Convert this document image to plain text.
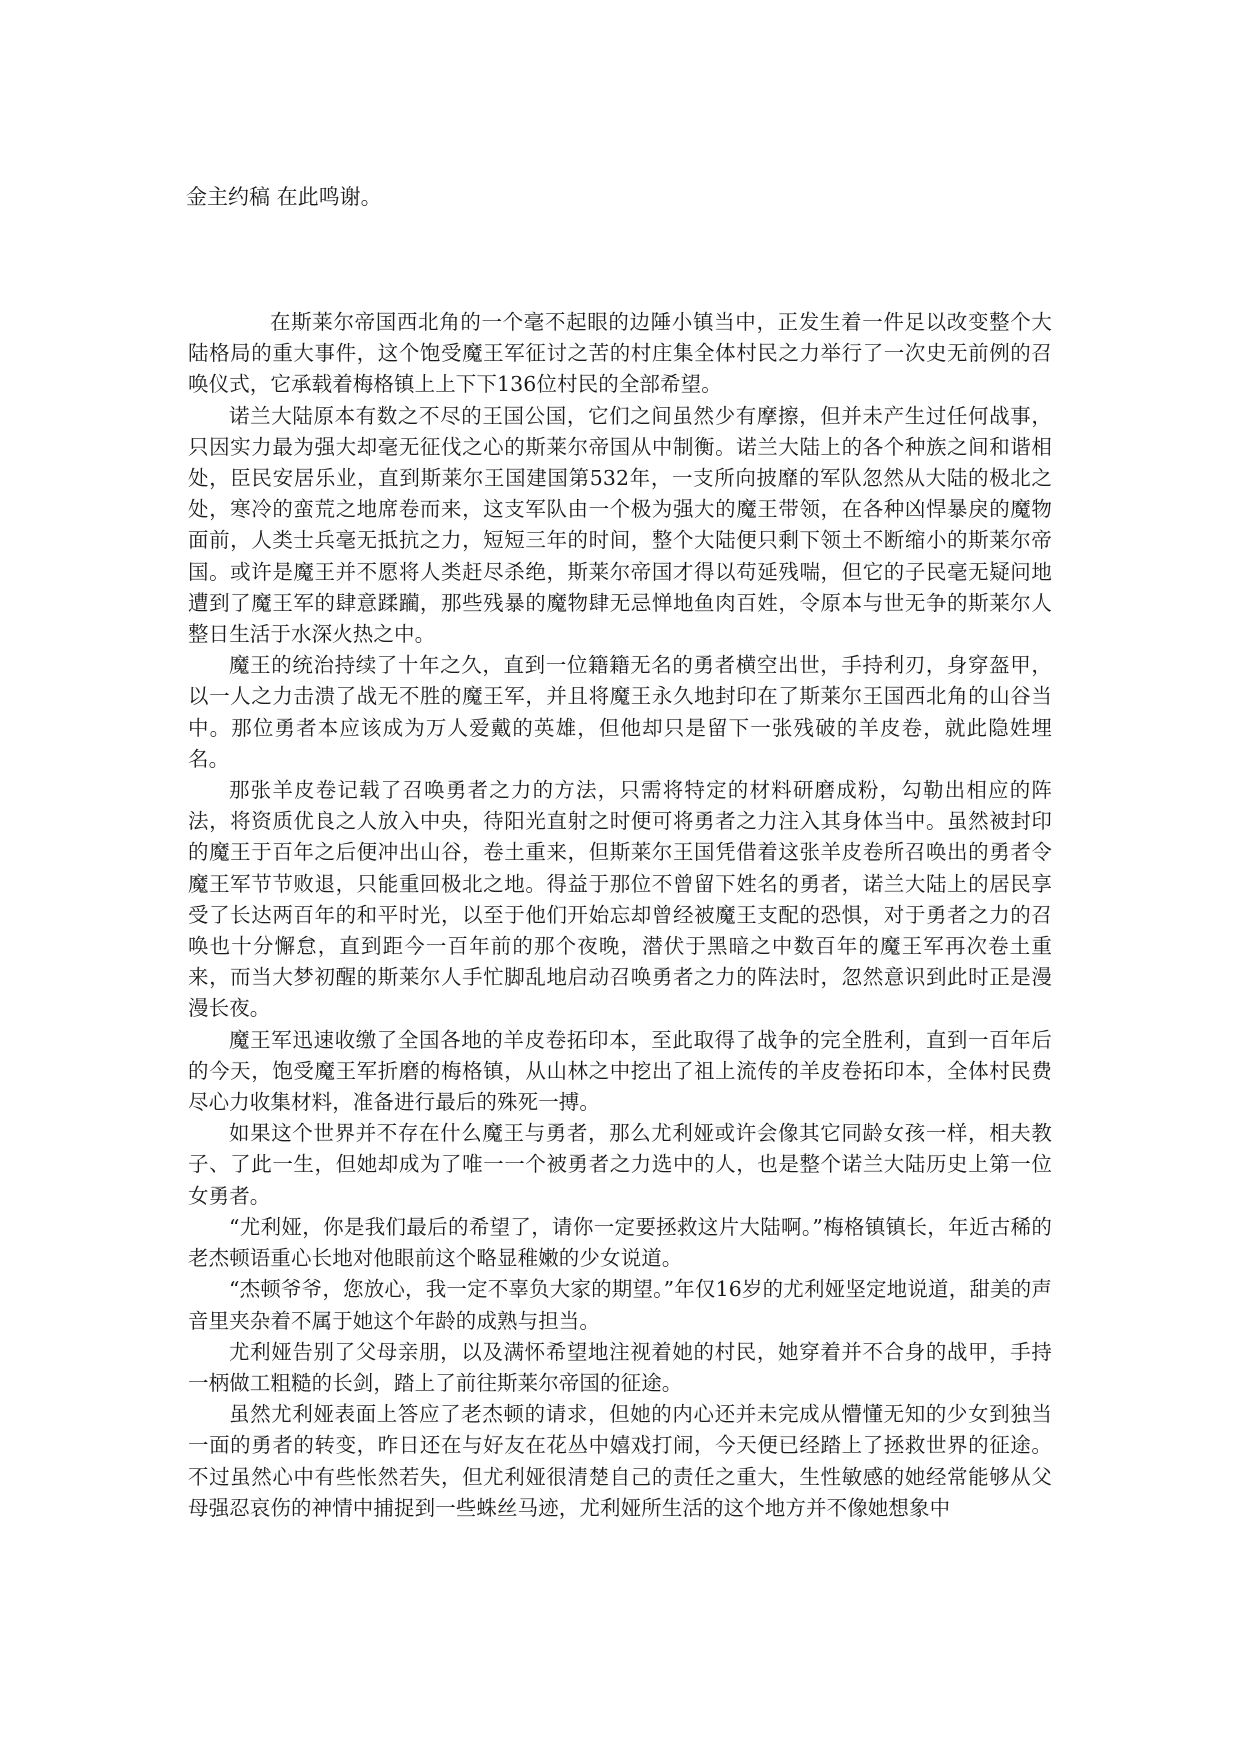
金主约稿 在此鸣谢。

在斯莱尔帝国西北角的一个毫不起眼的边陲小镇当中，正发生着一件足以改变整个大陆格局的重大事件，这个饱受魔王军征讨之苦的村庄集全体村民之力举行了一次史无前例的召唤仪式，它承载着梅格镇上上下下136位村民的全部希望。

诺兰大陆原本有数之不尽的王国公国，它们之间虽然少有摩擦，但并未产生过任何战事，只因实力最为强大却毫无征伐之心的斯莱尔帝国从中制衡。诺兰大陆上的各个种族之间和谐相处，臣民安居乐业，直到斯莱尔王国建国第532年，一支所向披靡的军队忽然从大陆的极北之处，寒冷的蛮荒之地席卷而来，这支军队由一个极为强大的魔王带领，在各种凶悍暴戾的魔物面前，人类士兵毫无抵抗之力，短短三年的时间，整个大陆便只剩下领土不断缩小的斯莱尔帝国。或许是魔王并不愿将人类赶尽杀绝，斯莱尔帝国才得以苟延残喘，但它的子民毫无疑问地遭到了魔王军的肆意蹂躏，那些残暴的魔物肆无忌惮地鱼肉百姓，令原本与世无争的斯莱尔人整日生活于水深火热之中。

魔王的统治持续了十年之久，直到一位籍籍无名的勇者横空出世，手持利刃，身穿盔甲，以一人之力击溃了战无不胜的魔王军，并且将魔王永久地封印在了斯莱尔王国西北角的山谷当中。那位勇者本应该成为万人爱戴的英雄，但他却只是留下一张残破的羊皮卷，就此隐姓埋名。

那张羊皮卷记载了召唤勇者之力的方法，只需将特定的材料研磨成粉，勾勒出相应的阵法，将资质优良之人放入中央，待阳光直射之时便可将勇者之力注入其身体当中。虽然被封印的魔王于百年之后便冲出山谷，卷土重来，但斯莱尔王国凭借着这张羊皮卷所召唤出的勇者令魔王军节节败退，只能重回极北之地。得益于那位不曾留下姓名的勇者，诺兰大陆上的居民享受了长达两百年的和平时光，以至于他们开始忘却曾经被魔王支配的恐惧，对于勇者之力的召唤也十分懈怠，直到距今一百年前的那个夜晚，潜伏于黑暗之中数百年的魔王军再次卷土重来，而当大梦初醒的斯莱尔人手忙脚乱地启动召唤勇者之力的阵法时，忽然意识到此时正是漫漫长夜。

魔王军迅速收缴了全国各地的羊皮卷拓印本，至此取得了战争的完全胜利，直到一百年后的今天，饱受魔王军折磨的梅格镇，从山林之中挖出了祖上流传的羊皮卷拓印本，全体村民费尽心力收集材料，准备进行最后的殊死一搏。

如果这个世界并不存在什么魔王与勇者，那么尤利娅或许会像其它同龄女孩一样，相夫教子、了此一生，但她却成为了唯一一个被勇者之力选中的人，也是整个诺兰大陆历史上第一位女勇者。

“尤利娅，你是我们最后的希望了，请你一定要拯救这片大陆啊。”梅格镇镇长，年近古稀的老杰顿语重心长地对他眼前这个略显稚嫩的少女说道。

“杰顿爷爷，您放心，我一定不辜负大家的期望。”年仅16岁的尤利娅坚定地说道，甜美的声音里夹杂着不属于她这个年龄的成熟与担当。

尤利娅告别了父母亲朋，以及满怀希望地注视着她的村民，她穿着并不合身的战甲，手持一柄做工粗糙的长剑，踏上了前往斯莱尔帝国的征途。

虽然尤利娅表面上答应了老杰顿的请求，但她的内心还并未完成从懵懂无知的少女到独当一面的勇者的转变，昨日还在与好友在花丛中嬉戏打闹，今天便已经踏上了拯救世界的征途。不过虽然心中有些怅然若失，但尤利娅很清楚自己的责任之重大，生性敏感的她经常能够从父母强忍哀伤的神情中捕捉到一些蛛丝马迹，尤利娅所生活的这个地方并不像她想象中
